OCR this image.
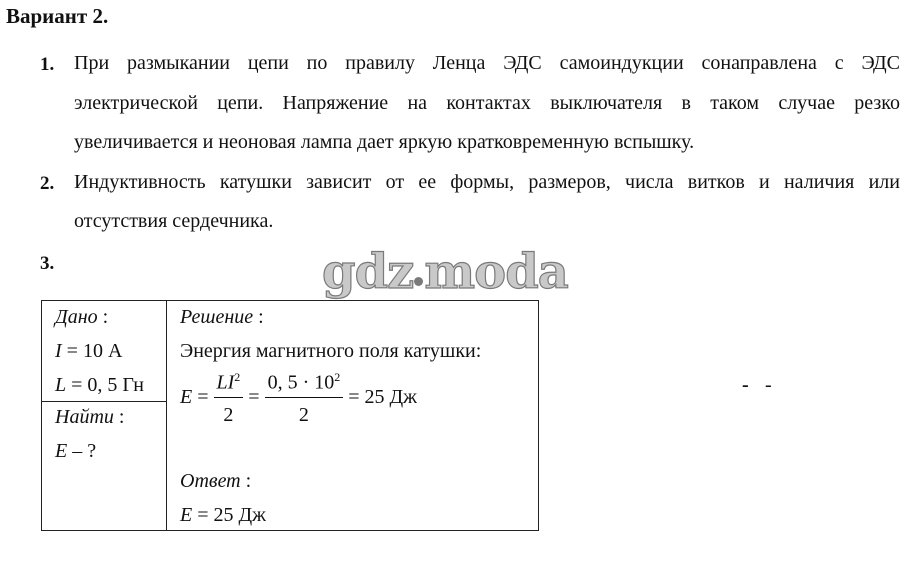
Вариант 2.
1. При размыкании цепи по правилу Ленца ЭДС самоиндукции сонаправлена с ЭДС
электрической цепи. Напряжение на контактах выключателя в таком случае резко
увеличивается и неоновая лампа дает яркую кратковременную вспышку.
2. Индуктивность катушки зависит от ее формы, размеров, числа витков и наличия или
отсутствия сердечника.
3.	gdz moda
Дано :
I = 10 А
L = 0, 5 Гн
Найти :
E – ?
Решение :
Энергия магнитного поля катушки:
$E = \frac{LI^2}{2} = \frac{0, 5 \cdot 10^2}{2} = 25$ Дж
Ответ :
E = 25 Дж
- -
